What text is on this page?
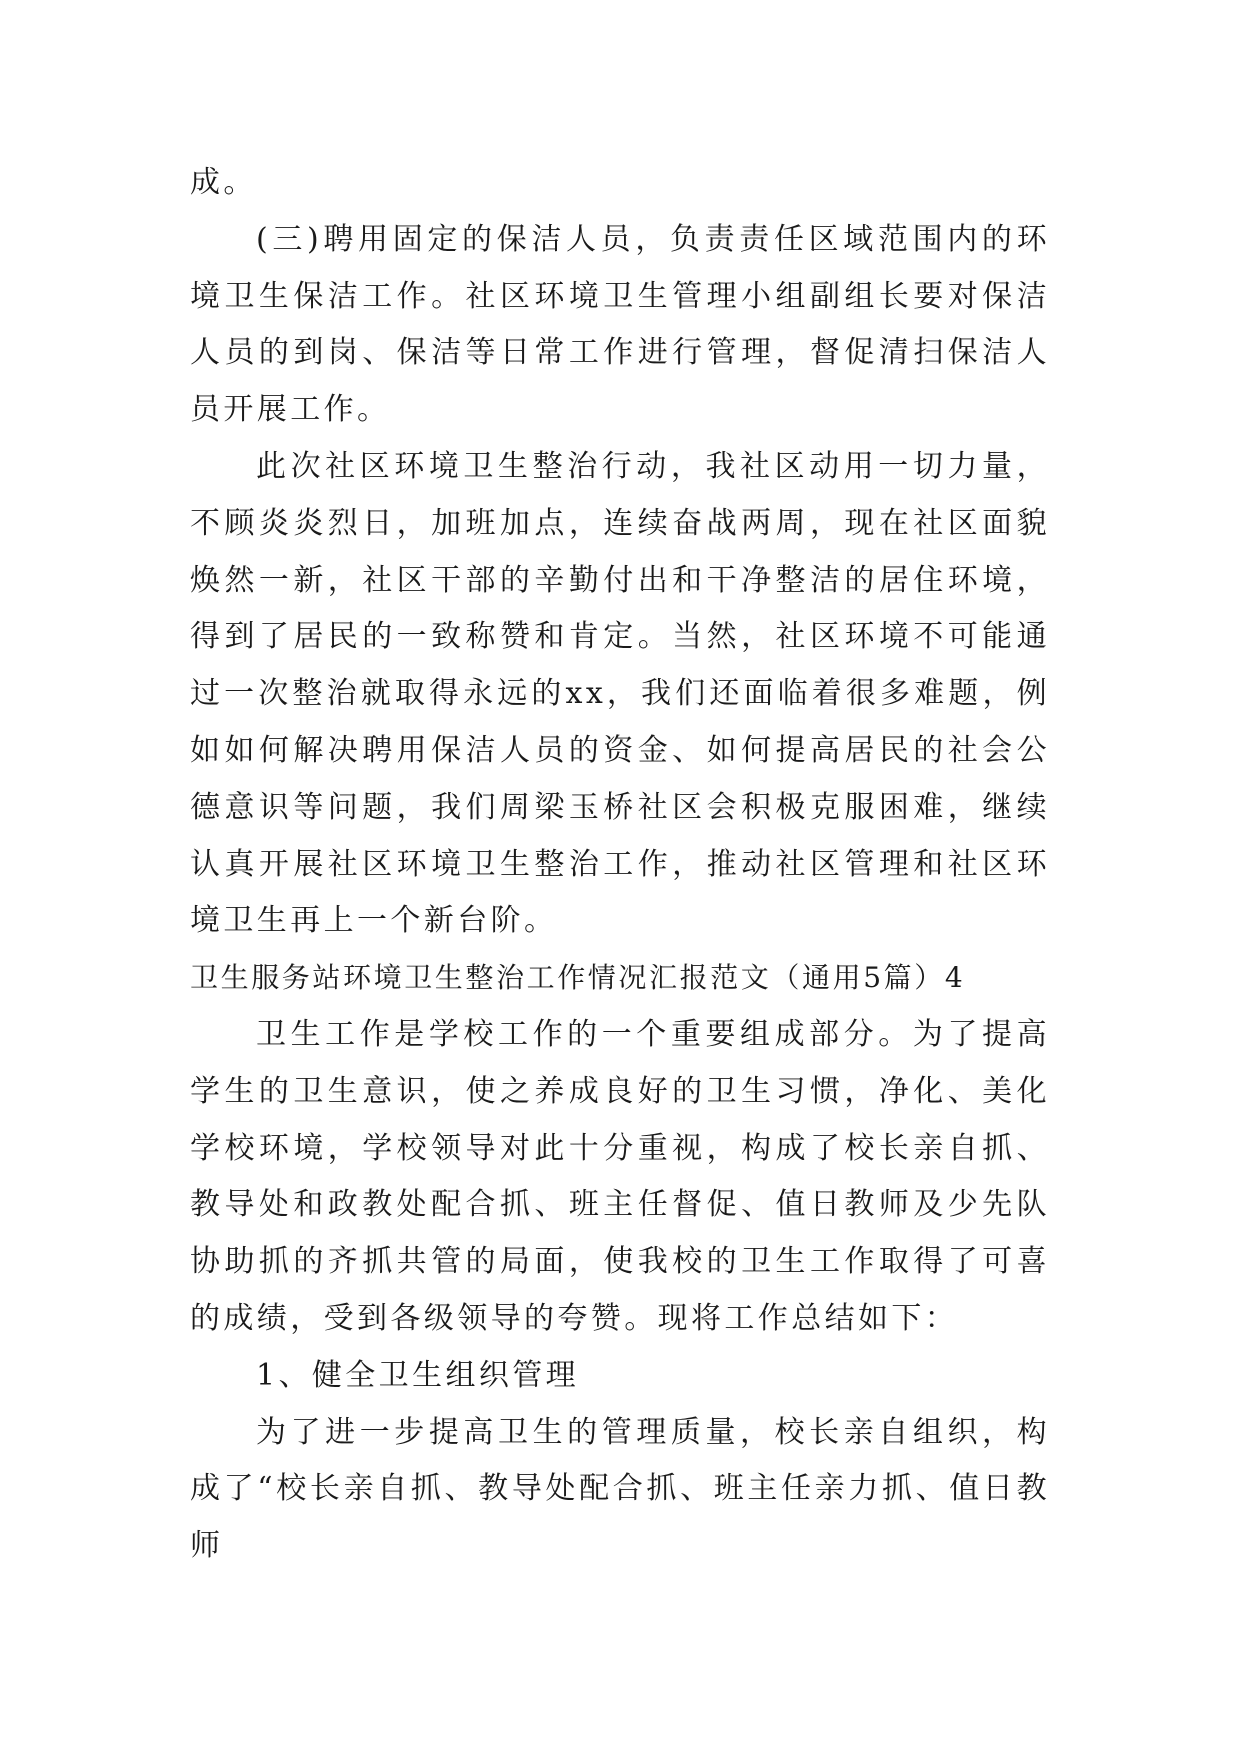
成。

(三)聘用固定的保洁人员，负责责任区域范围内的环境卫生保洁工作。社区环境卫生管理小组副组长要对保洁人员的到岗、保洁等日常工作进行管理，督促清扫保洁人员开展工作。

此次社区环境卫生整治行动，我社区动用一切力量，不顾炎炎烈日，加班加点，连续奋战两周，现在社区面貌焕然一新，社区干部的辛勤付出和干净整洁的居住环境，得到了居民的一致称赞和肯定。当然，社区环境不可能通过一次整治就取得永远的xx，我们还面临着很多难题，例如如何解决聘用保洁人员的资金、如何提高居民的社会公德意识等问题，我们周梁玉桥社区会积极克服困难，继续认真开展社区环境卫生整治工作，推动社区管理和社区环境卫生再上一个新台阶。

卫生服务站环境卫生整治工作情况汇报范文（通用5篇）4

卫生工作是学校工作的一个重要组成部分。为了提高学生的卫生意识，使之养成良好的卫生习惯，净化、美化学校环境，学校领导对此十分重视，构成了校长亲自抓、教导处和政教处配合抓、班主任督促、值日教师及少先队协助抓的齐抓共管的局面，使我校的卫生工作取得了可喜的成绩，受到各级领导的夸赞。现将工作总结如下：

1、健全卫生组织管理

为了进一步提高卫生的管理质量，校长亲自组织，构成了“校长亲自抓、教导处配合抓、班主任亲力抓、值日教师
